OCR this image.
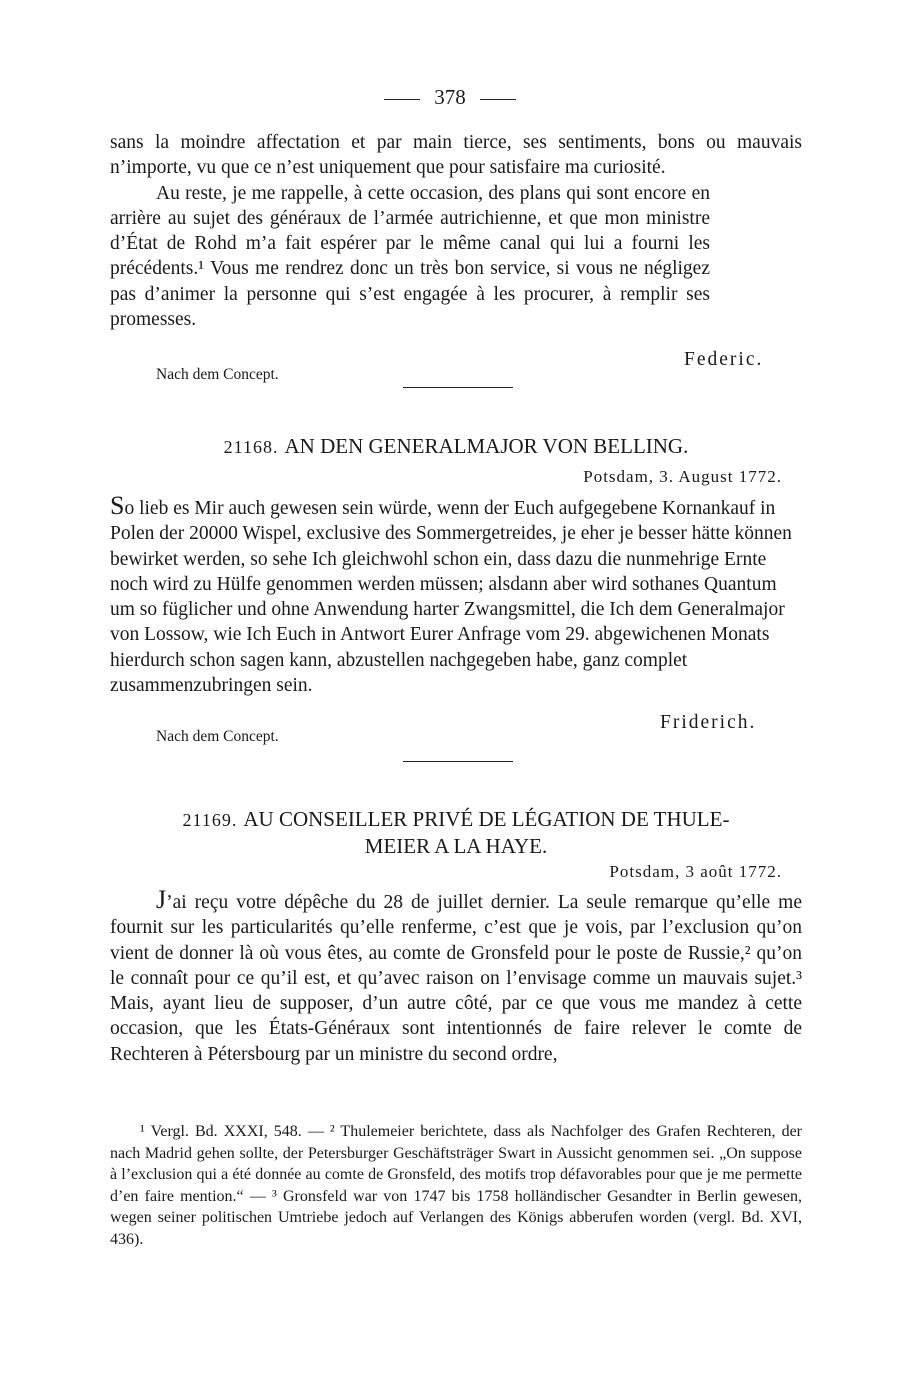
378

sans la moindre affectation et par main tierce, ses sentiments, bons ou mauvais n’importe, vu que ce n’est uniquement que pour satisfaire ma curiosité.

Au reste, je me rappelle, à cette occasion, des plans qui sont encore en arrière au sujet des généraux de l’armée autrichienne, et que mon ministre d’État de Rohd m’a fait espérer par le même canal qui lui a fourni les précédents.¹ Vous me rendrez donc un très bon service, si vous ne négligez pas d’animer la personne qui s’est engagée à les procurer, à remplir ses promesses.

Federic.
Nach dem Concept.
21168. AN DEN GENERALMAJOR VON BELLING.
Potsdam, 3. August 1772.

So lieb es Mir auch gewesen sein würde, wenn der Euch aufgegebene Kornankauf in Polen der 20000 Wispel, exclusive des Sommergetreides, je eher je besser hätte können bewirket werden, so sehe Ich gleichwohl schon ein, dass dazu die nunmehrige Ernte noch wird zu Hülfe genommen werden müssen; alsdann aber wird sothanes Quantum um so füglicher und ohne Anwendung harter Zwangsmittel, die Ich dem Generalmajor von Lossow, wie Ich Euch in Antwort Eurer Anfrage vom 29. abgewichenen Monats hierdurch schon sagen kann, abzustellen nachgegeben habe, ganz complet zusammenzubringen sein.

Friderich.
Nach dem Concept.
21169. AU CONSEILLER PRIVÉ DE LÉGATION DE THULE-
MEIER A LA HAYE.
Potsdam, 3 août 1772.

J’ai reçu votre dépêche du 28 de juillet dernier. La seule remarque qu’elle me fournit sur les particularités qu’elle renferme, c’est que je vois, par l’exclusion qu’on vient de donner là où vous êtes, au comte de Gronsfeld pour le poste de Russie,² qu’on le connaît pour ce qu’il est, et qu’avec raison on l’envisage comme un mauvais sujet.³ Mais, ayant lieu de supposer, d’un autre côté, par ce que vous me mandez à cette occasion, que les États-Généraux sont intentionnés de faire relever le comte de Rechteren à Pétersbourg par un ministre du second ordre,

¹ Vergl. Bd. XXXI, 548. — ² Thulemeier berichtete, dass als Nachfolger des Grafen Rechteren, der nach Madrid gehen sollte, der Petersburger Geschäftsträger Swart in Aussicht genommen sei. „On suppose à l’exclusion qui a été donnée au comte de Gronsfeld, des motifs trop défavorables pour que je me permette d’en faire mention.“ — ³ Gronsfeld war von 1747 bis 1758 holländischer Gesandter in Berlin gewesen, wegen seiner politischen Umtriebe jedoch auf Verlangen des Königs abberufen worden (vergl. Bd. XVI, 436).
